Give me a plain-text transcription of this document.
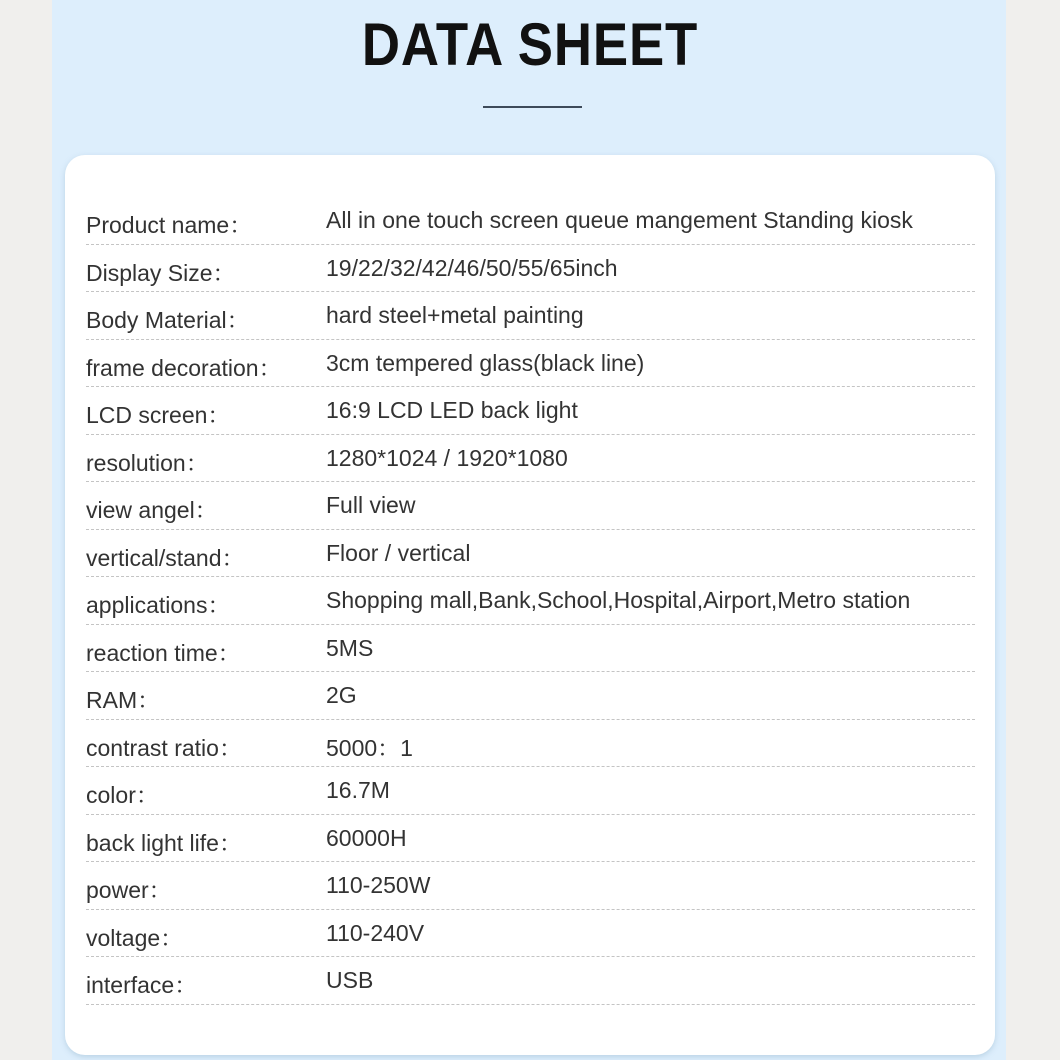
DATA SHEET
Product name：	All in one touch screen queue mangement Standing kiosk
Display Size：	19/22/32/42/46/50/55/65inch
Body Material：	hard steel+metal painting
frame decoration： 3cm tempered glass(black line)
LCD screen：	16:9 LCD LED back light
resolution：	1280*1024 / 1920*1080
view angel：	Full view
vertical/stand：	Floor / vertical
applications：	Shopping mall,Bank,School,Hospital,Airport,Metro station
reaction time：	5MS
RAM：	2G
contrast ratio：	5000：1
color：	16.7M
back light life：	60000H
power：	110-250W
voltage：	110-240V
interface：	USB
